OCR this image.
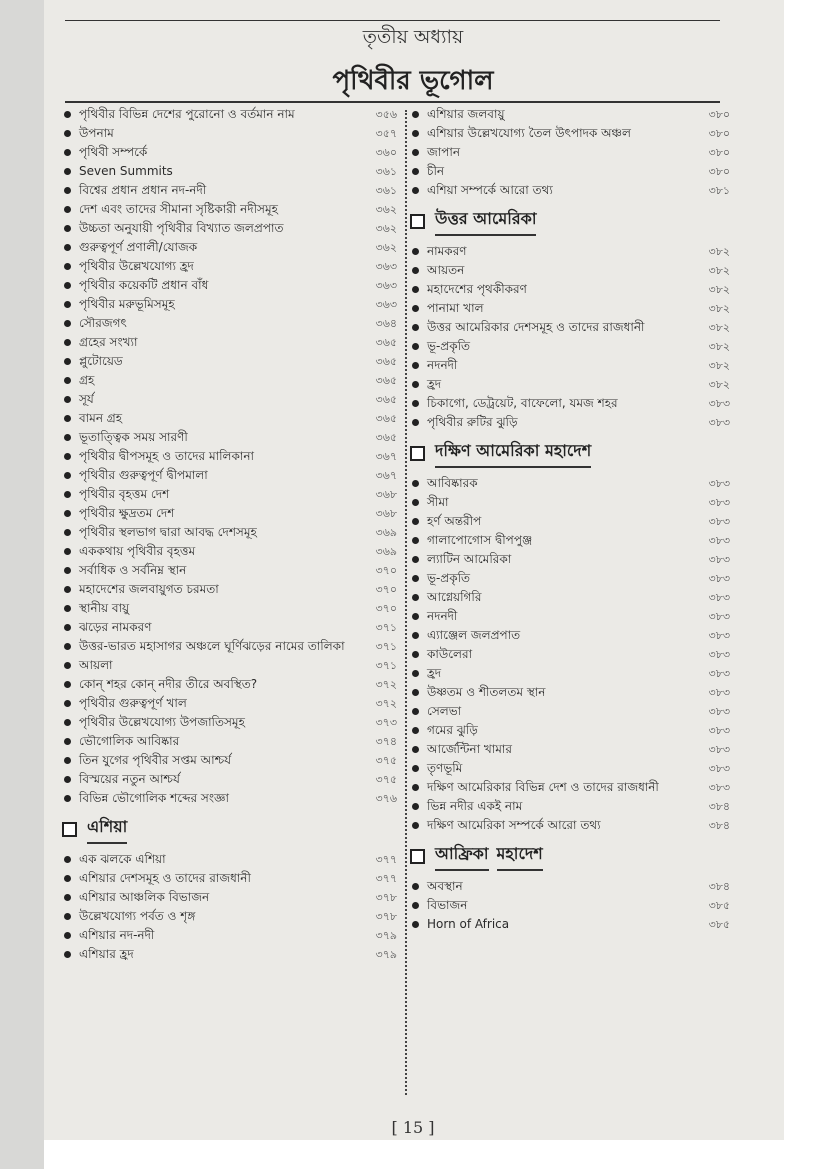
তৃতীয় অধ্যায়
পৃথিবীর ভূগোল
পৃথিবীর বিভিন্ন দেশের পুরোনো ও বর্তমান নাম	৩৫৬
উপনাম	৩৫৭
পৃথিবী সম্পর্কে	৩৬০
Seven Summits	৩৬১
বিশ্বের প্রধান প্রধান নদ-নদী	৩৬১
দেশ এবং তাদের সীমানা সৃষ্টিকারী নদীসমূহ	৩৬২
উচ্চতা অনুযায়ী পৃথিবীর বিখ্যাত জলপ্রপাত	৩৬২
গুরুত্বপূর্ণ প্রণালী/যোজক	৩৬২
পৃথিবীর উল্লেখযোগ্য হ্রদ	৩৬৩
পৃথিবীর কয়েকটি প্রধান বাঁধ	৩৬৩
পৃথিবীর মরুভূমিসমূহ	৩৬৩
সৌরজগৎ	৩৬৪
গ্রহের সংখ্যা	৩৬৫
প্লুটোয়েড	৩৬৫
গ্রহ	৩৬৫
সূর্য	৩৬৫
বামন গ্রহ	৩৬৫
ভূতাত্ত্বিক সময় সারণী	৩৬৫
পৃথিবীর দ্বীপসমূহ ও তাদের মালিকানা	৩৬৭
পৃথিবীর গুরুত্বপূর্ণ দ্বীপমালা	৩৬৭
পৃথিবীর বৃহত্তম দেশ	৩৬৮
পৃথিবীর ক্ষুদ্রতম দেশ	৩৬৮
পৃথিবীর স্থলভাগ দ্বারা আবদ্ধ দেশসমূহ	৩৬৯
এককথায় পৃথিবীর বৃহত্তম	৩৬৯
সর্বাধিক ও সর্বনিম্ন স্থান	৩৭০
মহাদেশের জলবায়ুগত চরমতা	৩৭০
স্থানীয় বায়ু	৩৭০
ঝড়ের নামকরণ	৩৭১
উত্তর-ভারত মহাসাগর অঞ্চলে ঘূর্ণিঝড়ের নামের তালিকা	৩৭১
আয়লা	৩৭১
কোন্ শহর কোন্ নদীর তীরে অবস্থিত?	৩৭২
পৃথিবীর গুরুত্বপূর্ণ খাল	৩৭২
পৃথিবীর উল্লেখযোগ্য উপজাতিসমূহ	৩৭৩
ভৌগোলিক আবিষ্কার	৩৭৪
তিন যুগের পৃথিবীর সপ্তম আশ্চর্য	৩৭৫
বিস্ময়ের নতুন আশ্চর্য	৩৭৫
বিভিন্ন ভৌগোলিক শব্দের সংজ্ঞা	৩৭৬
এশিয়া
এক ঝলকে এশিয়া	৩৭৭
এশিয়ার দেশসমূহ ও তাদের রাজধানী	৩৭৭
এশিয়ার আঞ্চলিক বিভাজন	৩৭৮
উল্লেখযোগ্য পর্বত ও শৃঙ্গ	৩৭৮
এশিয়ার নদ-নদী	৩৭৯
এশিয়ার হ্রদ	৩৭৯
এশিয়ার জলবায়ু	৩৮০
এশিয়ার উল্লেখযোগ্য তৈল উৎপাদক অঞ্চল	৩৮০
জাপান	৩৮০
চীন	৩৮০
এশিয়া সম্পর্কে আরো তথ্য	৩৮১
উত্তর আমেরিকা
নামকরণ	৩৮২
আয়তন	৩৮২
মহাদেশের পৃথকীকরণ	৩৮২
পানামা খাল	৩৮২
উত্তর আমেরিকার দেশসমূহ ও তাদের রাজধানী	৩৮২
ভূ-প্রকৃতি	৩৮২
নদনদী	৩৮২
হ্রদ	৩৮২
চিকাগো, ডেট্রয়েট, বাফেলো, যমজ শহর	৩৮৩
পৃথিবীর রুটির ঝুড়ি	৩৮৩
দক্ষিণ আমেরিকা মহাদেশ
আবিষ্কারক	৩৮৩
সীমা	৩৮৩
হর্ণ অন্তরীপ	৩৮৩
গালাপোগোস দ্বীপপুঞ্জ	৩৮৩
ল্যাটিন আমেরিকা	৩৮৩
ভূ-প্রকৃতি	৩৮৩
আগ্নেয়গিরি	৩৮৩
নদনদী	৩৮৩
এ্যাঞ্জেল জলপ্রপাত	৩৮৩
কাউলেরা	৩৮৩
হ্রদ	৩৮৩
উষ্ণতম ও শীতলতম স্থান	৩৮৩
সেলভা	৩৮৩
গমের ঝুড়ি	৩৮৩
আর্জেন্টিনা খামার	৩৮৩
তৃণভূমি	৩৮৩
দক্ষিণ আমেরিকার বিভিন্ন দেশ ও তাদের রাজধানী	৩৮৩
ভিন্ন নদীর একই নাম	৩৮৪
দক্ষিণ আমেরিকা সম্পর্কে আরো তথ্য	৩৮৪
আফ্রিকা মহাদেশ
অবস্থান	৩৮৪
বিভাজন	৩৮৫
Horn of Africa	৩৮৫
[ 15 ]
